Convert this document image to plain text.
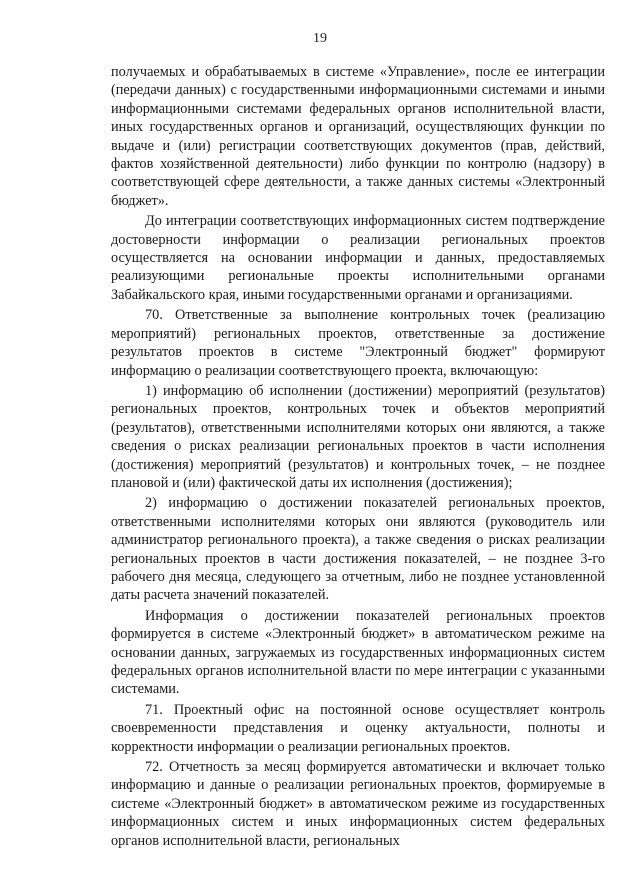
19

получаемых и обрабатываемых в системе «Управление», после ее интеграции (передачи данных) с государственными информационными системами и иными информационными системами федеральных органов исполнительной власти, иных государственных органов и организаций, осуществляющих функции по выдаче и (или) регистрации соответствующих документов (прав, действий, фактов хозяйственной деятельности) либо функции по контролю (надзору) в соответствующей сфере деятельности, а также данных системы «Электронный бюджет».

До интеграции соответствующих информационных систем подтверждение достоверности информации о реализации региональных проектов осуществляется на основании информации и данных, предоставляемых реализующими региональные проекты исполнительными органами Забайкальского края, иными государственными органами и организациями.

70. Ответственные за выполнение контрольных точек (реализацию мероприятий) региональных проектов, ответственные за достижение результатов проектов в системе "Электронный бюджет" формируют информацию о реализации соответствующего проекта, включающую:

1) информацию об исполнении (достижении) мероприятий (результатов) региональных проектов, контрольных точек и объектов мероприятий (результатов), ответственными исполнителями которых они являются, а также сведения о рисках реализации региональных проектов в части исполнения (достижения) мероприятий (результатов) и контрольных точек, – не позднее плановой и (или) фактической даты их исполнения (достижения);

2) информацию о достижении показателей региональных проектов, ответственными исполнителями которых они являются (руководитель или администратор регионального проекта), а также сведения о рисках реализации региональных проектов в части достижения показателей, – не позднее 3-го рабочего дня месяца, следующего за отчетным, либо не позднее установленной даты расчета значений показателей.

Информация о достижении показателей региональных проектов формируется в системе «Электронный бюджет» в автоматическом режиме на основании данных, загружаемых из государственных информационных систем федеральных органов исполнительной власти по мере интеграции с указанными системами.

71. Проектный офис на постоянной основе осуществляет контроль своевременности представления и оценку актуальности, полноты и корректности информации о реализации региональных проектов.

72. Отчетность за месяц формируется автоматически и включает только информацию и данные о реализации региональных проектов, формируемые в системе «Электронный бюджет» в автоматическом режиме из государственных информационных систем и иных информационных систем федеральных органов исполнительной власти, региональных
